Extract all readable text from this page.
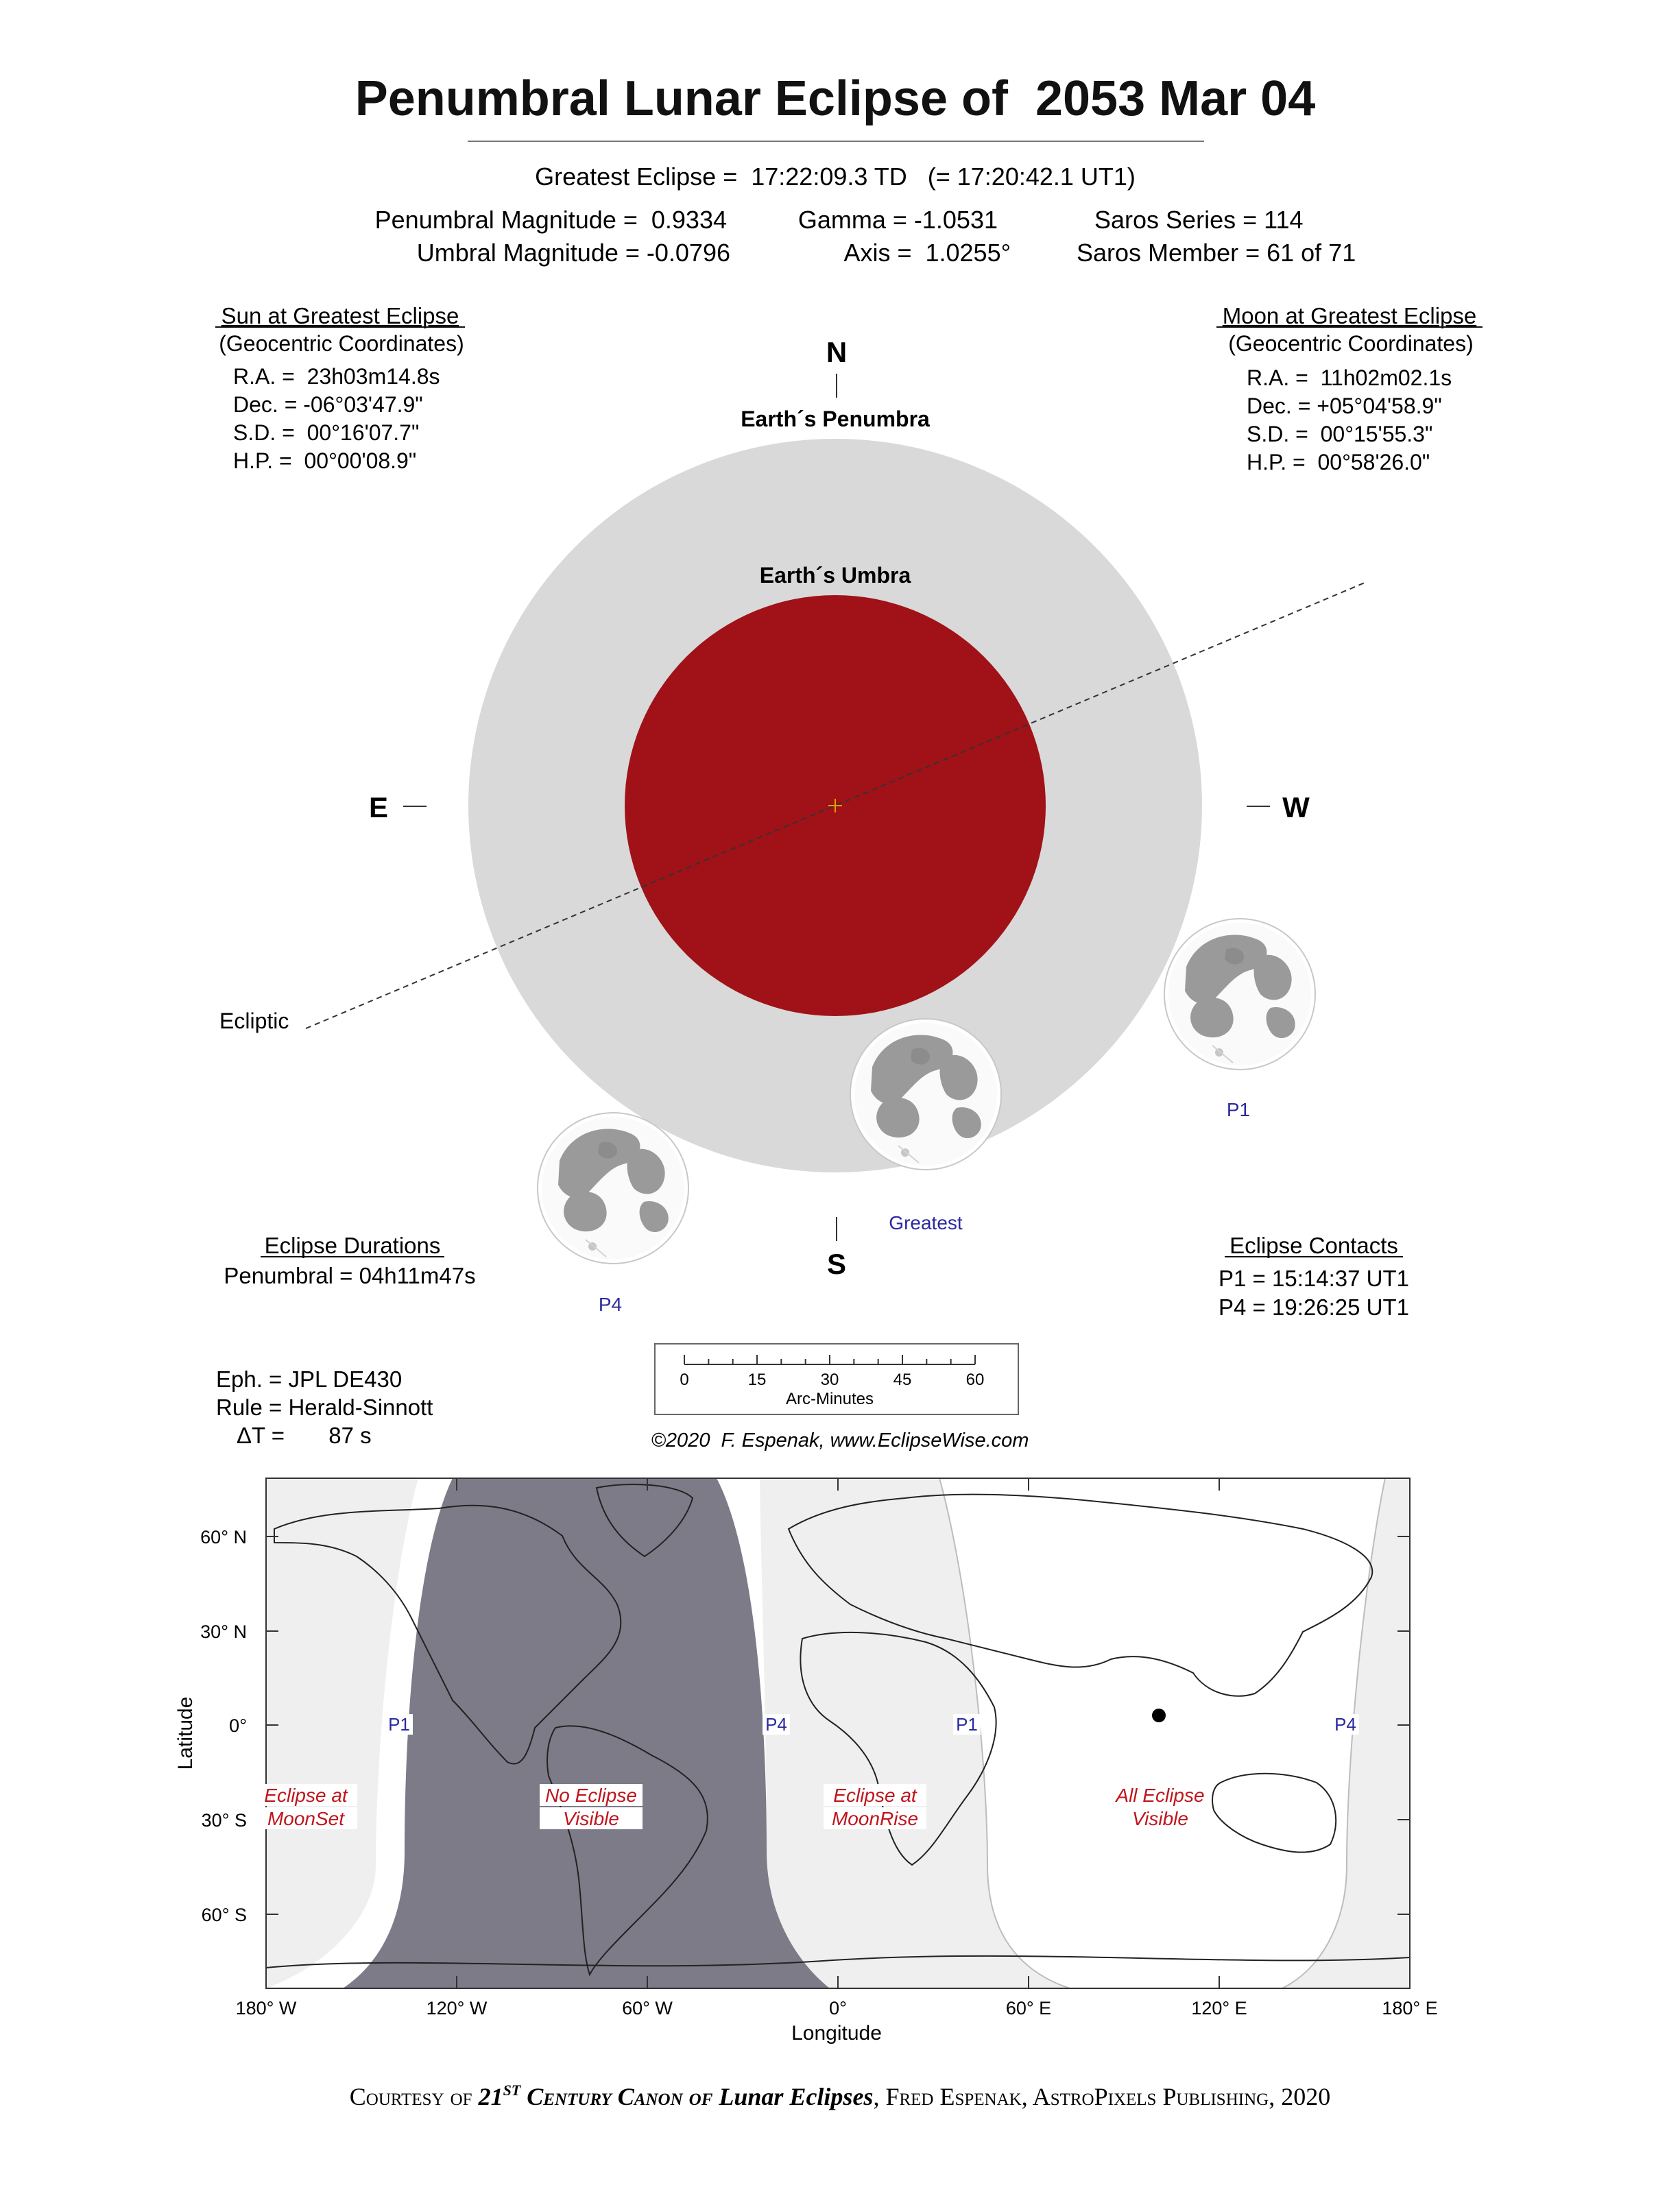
Penumbral Lunar Eclipse of  2053 Mar 04
Greatest Eclipse =  17:22:09.3 TD   (= 17:20:42.1 UT1)
Penumbral Magnitude =  0.9334
Umbral Magnitude = -0.0796
Gamma = -1.0531
Axis =  1.0255°
Saros Series = 114
Saros Member = 61 of 71
Sun at Greatest Eclipse
(Geocentric Coordinates)
R.A. =  23h03m14.8s
Dec. = -06°03'47.9"
S.D. =  00°16'07.7"
H.P. =  00°00'08.9"
Moon at Greatest Eclipse
(Geocentric Coordinates)
R.A. =  11h02m02.1s
Dec. = +05°04'58.9"
S.D. =  00°15'55.3"
H.P. =  00°58'26.0"
N
Earth´s Penumbra
Earth´s Umbra
E	W
S
Ecliptic
P1
Greatest
P4
Eclipse Durations
Penumbral = 04h11m47s
Eclipse Contacts
P1 = 15:14:37 UT1
P4 = 19:26:25 UT1
Eph. = JPL DE430
Rule = Herald-Sinnott
ΔT =       87 s
0	15	30	45	60
Arc-Minutes
©2020  F. Espenak, www.EclipseWise.com
60° N
30° N
0°
30° S
60° S
180° W	120° W	60° W	0°	60° E	120° E	180° E
P1	P4	P1	P4
Eclipse at
MoonSet
No Eclipse
Visible
Eclipse at
MoonRise
All Eclipse
Visible
Latitude
Longitude
Courtesy of 21ST Century Canon of Lunar Eclipses, Fred Espenak, AstroPixels Publishing, 2020
